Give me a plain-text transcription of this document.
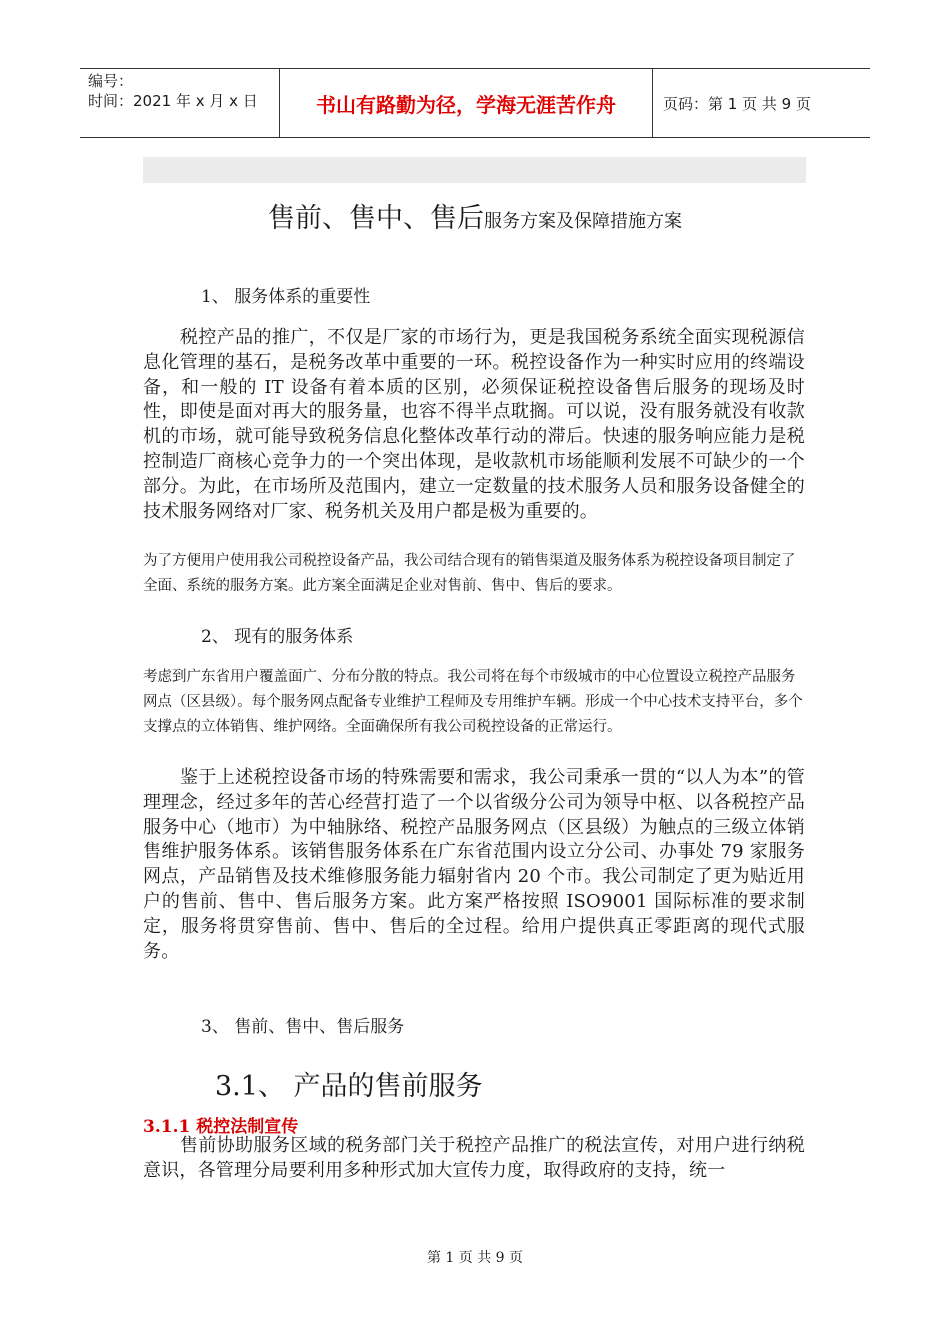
编号：
时间：2021 年 x 月 x 日	书山有路勤为径，学海无涯苦作舟	页码：第 1 页 共 9 页
售前、售中、售后服务方案及保障措施方案
1、 服务体系的重要性
税控产品的推广，不仅是厂家的市场行为，更是我国税务系统全面实现税源信息化管理的基石，是税务改革中重要的一环。税控设备作为一种实时应用的终端设备，和一般的 IT 设备有着本质的区别，必须保证税控设备售后服务的现场及时性，即使是面对再大的服务量，也容不得半点耽搁。可以说，没有服务就没有收款机的市场，就可能导致税务信息化整体改革行动的滞后。快速的服务响应能力是税控制造厂商核心竞争力的一个突出体现，是收款机市场能顺利发展不可缺少的一个部分。为此，在市场所及范围内，建立一定数量的技术服务人员和服务设备健全的技术服务网络对厂家、税务机关及用户都是极为重要的。
为了方便用户使用我公司税控设备产品，我公司结合现有的销售渠道及服务体系为税控设备项目制定了全面、系统的服务方案。此方案全面满足企业对售前、售中、售后的要求。
2、 现有的服务体系
考虑到广东省用户覆盖面广、分布分散的特点。我公司将在每个市级城市的中心位置设立税控产品服务网点（区县级）。每个服务网点配备专业维护工程师及专用维护车辆。形成一个中心技术支持平台，多个支撑点的立体销售、维护网络。全面确保所有我公司税控设备的正常运行。
鉴于上述税控设备市场的特殊需要和需求，我公司秉承一贯的“以人为本”的管理理念，经过多年的苦心经营打造了一个以省级分公司为领导中枢、以各税控产品服务中心（地市）为中轴脉络、税控产品服务网点（区县级）为触点的三级立体销售维护服务体系。该销售服务体系在广东省范围内设立分公司、办事处 79 家服务网点，产品销售及技术维修服务能力辐射省内 20 个市。我公司制定了更为贴近用户的售前、售中、售后服务方案。此方案严格按照 ISO9001 国际标准的要求制定，服务将贯穿售前、售中、售后的全过程。给用户提供真正零距离的现代式服务。
3、 售前、售中、售后服务
3.1、 产品的售前服务
3.1.1 税控法制宣传
售前协助服务区域的税务部门关于税控产品推广的税法宣传，对用户进行纳税意识，各管理分局要利用多种形式加大宣传力度，取得政府的支持，统一
第 1 页 共 9 页
